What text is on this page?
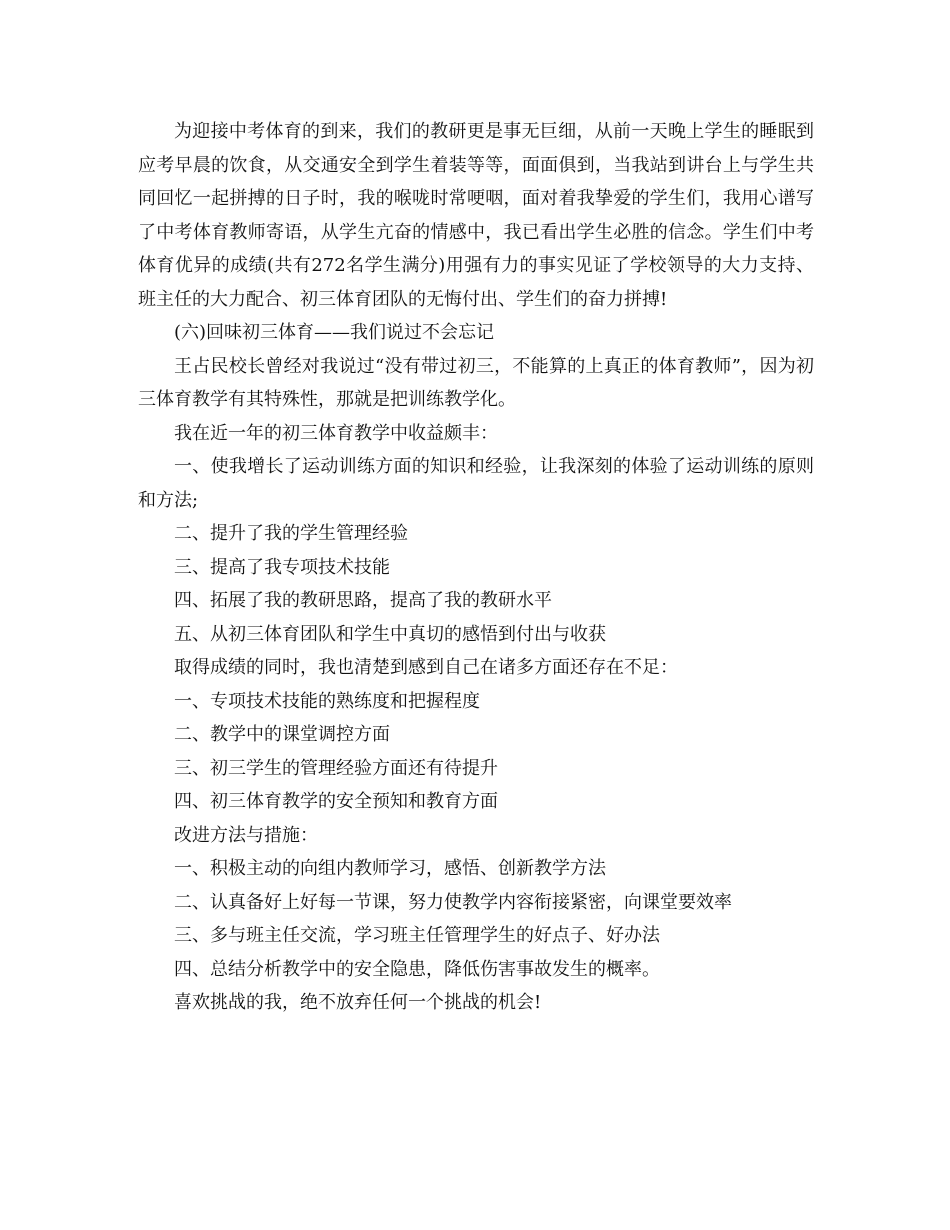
为迎接中考体育的到来，我们的教研更是事无巨细，从前一天晚上学生的睡眠到应考早晨的饮食，从交通安全到学生着装等等，面面俱到，当我站到讲台上与学生共同回忆一起拼搏的日子时，我的喉咙时常哽咽，面对着我挚爱的学生们，我用心谱写了中考体育教师寄语，从学生亢奋的情感中，我已看出学生必胜的信念。学生们中考体育优异的成绩(共有272名学生满分)用强有力的事实见证了学校领导的大力支持、班主任的大力配合、初三体育团队的无悔付出、学生们的奋力拼搏!

(六)回味初三体育——我们说过不会忘记

王占民校长曾经对我说过“没有带过初三，不能算的上真正的体育教师”，因为初三体育教学有其特殊性，那就是把训练教学化。

我在近一年的初三体育教学中收益颇丰：

一、使我增长了运动训练方面的知识和经验，让我深刻的体验了运动训练的原则和方法;

二、提升了我的学生管理经验

三、提高了我专项技术技能

四、拓展了我的教研思路，提高了我的教研水平

五、从初三体育团队和学生中真切的感悟到付出与收获

取得成绩的同时，我也清楚到感到自己在诸多方面还存在不足：

一、专项技术技能的熟练度和把握程度

二、教学中的课堂调控方面

三、初三学生的管理经验方面还有待提升

四、初三体育教学的安全预知和教育方面

改进方法与措施：

一、积极主动的向组内教师学习，感悟、创新教学方法

二、认真备好上好每一节课，努力使教学内容衔接紧密，向课堂要效率

三、多与班主任交流，学习班主任管理学生的好点子、好办法

四、总结分析教学中的安全隐患，降低伤害事故发生的概率。

喜欢挑战的我，绝不放弃任何一个挑战的机会!
